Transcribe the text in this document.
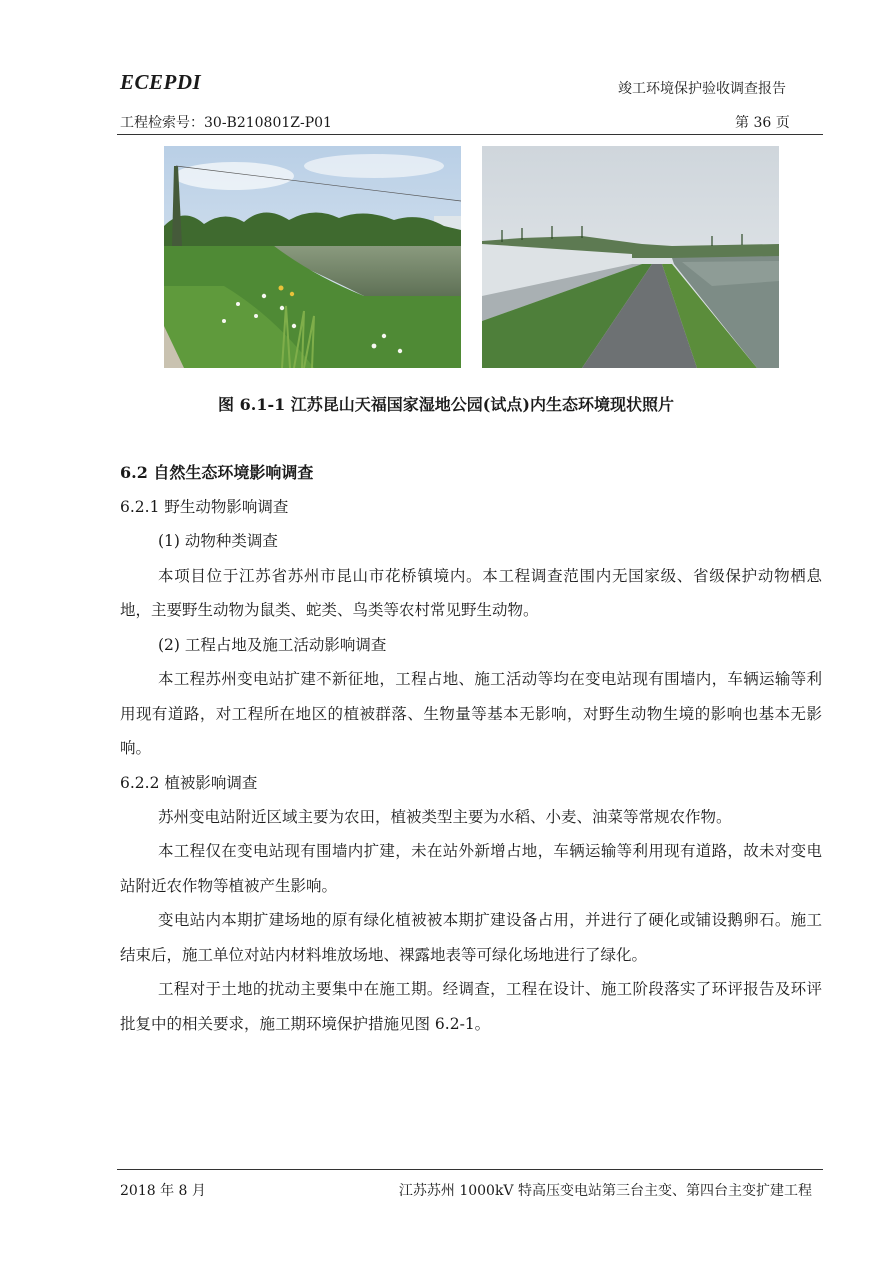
ECEPDI	竣工环境保护验收调查报告
工程检索号：30-B210801Z-P01	第 36 页
图 6.1-1 江苏昆山天福国家湿地公园(试点)内生态环境现状照片
6.2 自然生态环境影响调查
6.2.1 野生动物影响调查
(1) 动物种类调查
本项目位于江苏省苏州市昆山市花桥镇境内。本工程调查范围内无国家级、省级保护动物栖息地，主要野生动物为鼠类、蛇类、鸟类等农村常见野生动物。
(2) 工程占地及施工活动影响调查
本工程苏州变电站扩建不新征地，工程占地、施工活动等均在变电站现有围墙内，车辆运输等利用现有道路，对工程所在地区的植被群落、生物量等基本无影响，对野生动物生境的影响也基本无影响。
6.2.2 植被影响调查
苏州变电站附近区域主要为农田，植被类型主要为水稻、小麦、油菜等常规农作物。
本工程仅在变电站现有围墙内扩建，未在站外新增占地，车辆运输等利用现有道路，故未对变电站附近农作物等植被产生影响。
变电站内本期扩建场地的原有绿化植被被本期扩建设备占用，并进行了硬化或铺设鹅卵石。施工结束后，施工单位对站内材料堆放场地、裸露地表等可绿化场地进行了绿化。
工程对于土地的扰动主要集中在施工期。经调查，工程在设计、施工阶段落实了环评报告及环评批复中的相关要求，施工期环境保护措施见图 6.2-1。
2018 年 8 月	江苏苏州 1000kV 特高压变电站第三台主变、第四台主变扩建工程
